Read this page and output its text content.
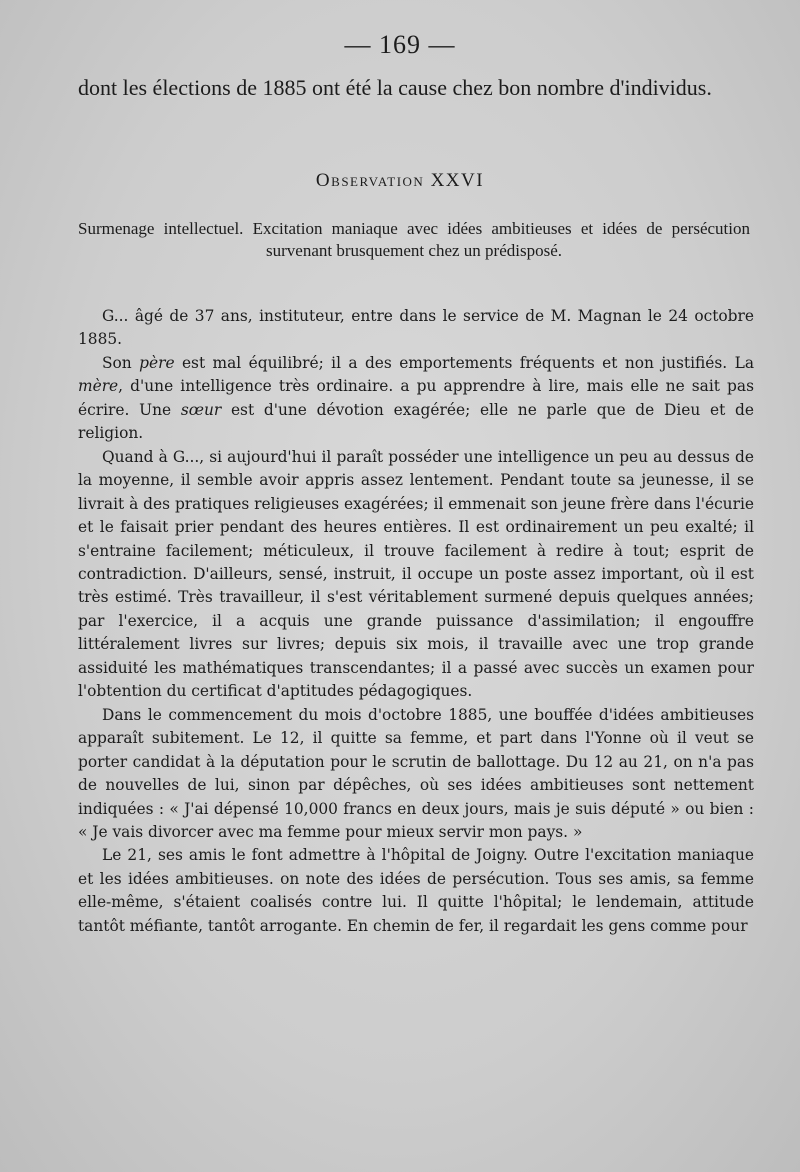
— 169 —
dont les élections de 1885 ont été la cause chez bon nombre d'individus.
Observation XXVI
Surmenage intellectuel. Excitation maniaque avec idées ambitieuses et idées de persécution survenant brusquement chez un prédisposé.

G... âgé de 37 ans, instituteur, entre dans le service de M. Magnan le 24 octobre 1885.

Son père est mal équilibré; il a des emportements fréquents et non justifiés. La mère, d'une intelligence très ordinaire. a pu apprendre à lire, mais elle ne sait pas écrire. Une sœur est d'une dévotion exagérée; elle ne parle que de Dieu et de religion.

Quand à G..., si aujourd'hui il paraît posséder une intelligence un peu au dessus de la moyenne, il semble avoir appris assez lentement. Pendant toute sa jeunesse, il se livrait à des pratiques religieuses exagérées; il emmenait son jeune frère dans l'écurie et le faisait prier pendant des heures entières. Il est ordinairement un peu exalté; il s'entraine facilement; méticuleux, il trouve facilement à redire à tout; esprit de contradiction. D'ailleurs, sensé, instruit, il occupe un poste assez important, où il est très estimé. Très travailleur, il s'est véritablement surmené depuis quelques années; par l'exercice, il a acquis une grande puissance d'assimilation; il engouffre littéralement livres sur livres; depuis six mois, il travaille avec une trop grande assiduité les mathématiques transcendantes; il a passé avec succès un examen pour l'obtention du certificat d'aptitudes pédagogiques.

Dans le commencement du mois d'octobre 1885, une bouffée d'idées ambitieuses apparaît subitement. Le 12, il quitte sa femme, et part dans l'Yonne où il veut se porter candidat à la députation pour le scrutin de ballottage. Du 12 au 21, on n'a pas de nouvelles de lui, sinon par dépêches, où ses idées ambitieuses sont nettement indiquées : « J'ai dépensé 10,000 francs en deux jours, mais je suis député » ou bien : « Je vais divorcer avec ma femme pour mieux servir mon pays. »

Le 21, ses amis le font admettre à l'hôpital de Joigny. Outre l'excitation maniaque et les idées ambitieuses. on note des idées de persécution. Tous ses amis, sa femme elle-même, s'étaient coalisés contre lui. Il quitte l'hôpital; le lendemain, attitude tantôt méfiante, tantôt arrogante. En chemin de fer, il regardait les gens comme pour
